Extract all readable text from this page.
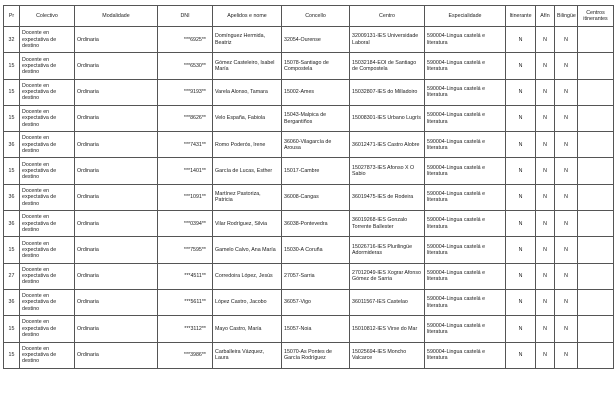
Pr	Colectivo	Modalidade	DNI	Apelidos e nome	Concello	Centro	Especialidade	Itinerante	Afín	Bilingüe	Centros itinerantes	
32	Docente en expectativa de destino	Ordinaria	***6925**	Domínguez Hermida, Beatriz	32054-Ourense	32009131-IES Universidade Laboral	590004-Lingua castelá e literatura	N	N	N		
15	Docente en expectativa de destino	Ordinaria	***6530**	Gómez Casteleiro, Isabel María	15078-Santiago de Compostela	15032184-EOI de Santiago de Compostela	590004-Lingua castelá e literatura	N	N	N		
15	Docente en expectativa de destino	Ordinaria	***9193**	Varela Alonso, Tamara	15002-Ames	15032807-IES do Milladoiro	590004-Lingua castelá e literatura	N	N	N		
15	Docente en expectativa de destino	Ordinaria	***8626**	Velo España, Fabiola	15043-Malpica de Bergantiños	15008301-IES Urbano Lugrís	590004-Lingua castelá e literatura	N	N	N		
36	Docente en expectativa de destino	Ordinaria	***7431**	Romo Poderós, Irene	36060-Vilagarcía de Arousa	36012471-IES Castro Alobre	590004-Lingua castelá e literatura	N	N	N		
15	Docente en expectativa de destino	Ordinaria	***1401**	García de Lucas, Esther	15017-Cambre	15027873-IES Afonso X O Sabio	590004-Lingua castelá e literatura	N	N	N		
36	Docente en expectativa de destino	Ordinaria	***1091**	Martínez Pastoriza, Patricia	36008-Cangas	36019475-IES de Rodeira	590004-Lingua castelá e literatura	N	N	N		
36	Docente en expectativa de destino	Ordinaria	***0394**	Vilar Rodríguez, Silvia	36038-Pontevedra	36019268-IES Gonzalo Torrente Ballester	590004-Lingua castelá e literatura	N	N	N		
15	Docente en expectativa de destino	Ordinaria	***7595**	Gamelo Calvo, Ana María	15030-A Coruña	15026716-IES Plurilingüe Adormideras	590004-Lingua castelá e literatura	N	N	N		
27	Docente en expectativa de destino	Ordinaria	***4511**	Corredoira López, Jesús	27057-Sarria	27012049-IES Xograr Afonso Gómez de Sarria	590004-Lingua castelá e literatura	N	N	N		
36	Docente en expectativa de destino	Ordinaria	***5611**	López Castro, Jacobo	36057-Vigo	36011567-IES Castelao	590004-Lingua castelá e literatura	N	N	N		
15	Docente en expectativa de destino	Ordinaria	***3112**	Mayo Castro, María	15057-Noia	15010812-IES Virxe do Mar	590004-Lingua castelá e literatura	N	N	N		
15	Docente en expectativa de destino	Ordinaria	***3986**	Carballeira Vázquez, Laura	15070-As Pontes de García Rodríguez	15025694-IES Moncho Valcarce	590004-Lingua castelá e literatura	N	N	N		
